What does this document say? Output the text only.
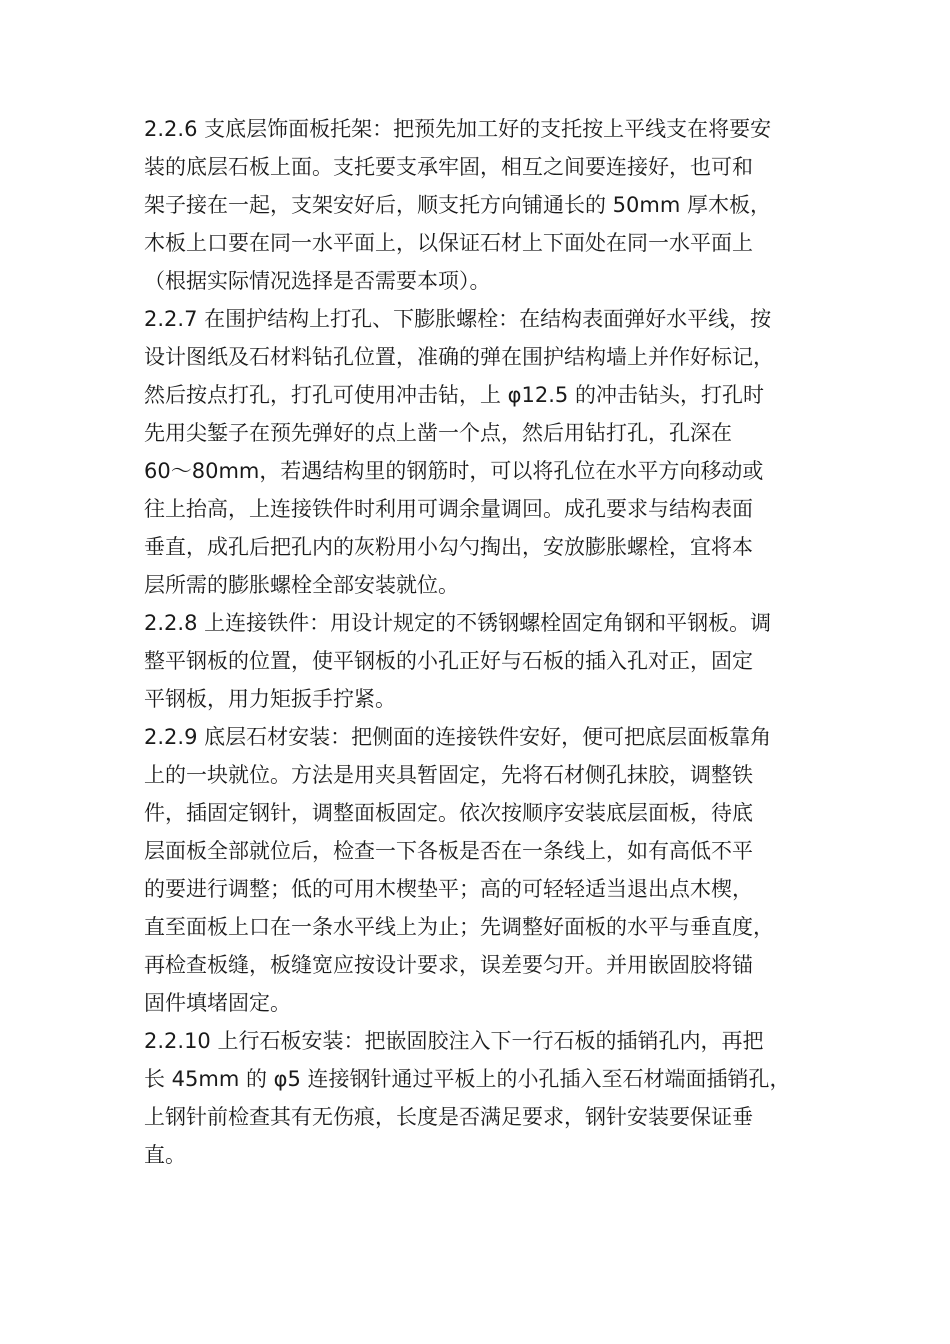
2.2.6 支底层饰面板托架：把预先加工好的支托按上平线支在将要安
装的底层石板上面。支托要支承牢固，相互之间要连接好，也可和
架子接在一起，支架安好后，顺支托方向铺通长的 50mm 厚木板，
木板上口要在同一水平面上，以保证石材上下面处在同一水平面上
（根据实际情况选择是否需要本项）。
2.2.7 在围护结构上打孔、下膨胀螺栓：在结构表面弹好水平线，按
设计图纸及石材料钻孔位置，准确的弹在围护结构墙上并作好标记，
然后按点打孔，打孔可使用冲击钻，上 φ12.5 的冲击钻头，打孔时
先用尖錾子在预先弹好的点上凿一个点，然后用钻打孔，孔深在
60～80mm，若遇结构里的钢筋时，可以将孔位在水平方向移动或
往上抬高，上连接铁件时利用可调余量调回。成孔要求与结构表面
垂直，成孔后把孔内的灰粉用小勾勺掏出，安放膨胀螺栓，宜将本
层所需的膨胀螺栓全部安装就位。
2.2.8 上连接铁件：用设计规定的不锈钢螺栓固定角钢和平钢板。调
整平钢板的位置，使平钢板的小孔正好与石板的插入孔对正，固定
平钢板，用力矩扳手拧紧。
2.2.9 底层石材安装：把侧面的连接铁件安好，便可把底层面板靠角
上的一块就位。方法是用夹具暂固定，先将石材侧孔抹胶，调整铁
件，插固定钢针，调整面板固定。依次按顺序安装底层面板，待底
层面板全部就位后，检查一下各板是否在一条线上，如有高低不平
的要进行调整；低的可用木楔垫平；高的可轻轻适当退出点木楔，
直至面板上口在一条水平线上为止；先调整好面板的水平与垂直度，
再检查板缝，板缝宽应按设计要求，误差要匀开。并用嵌固胶将锚
固件填堵固定。
2.2.10 上行石板安装：把嵌固胶注入下一行石板的插销孔内，再把
长 45mm 的 φ5 连接钢针通过平板上的小孔插入至石材端面插销孔，
上钢针前检查其有无伤痕，长度是否满足要求，钢针安装要保证垂
直。
